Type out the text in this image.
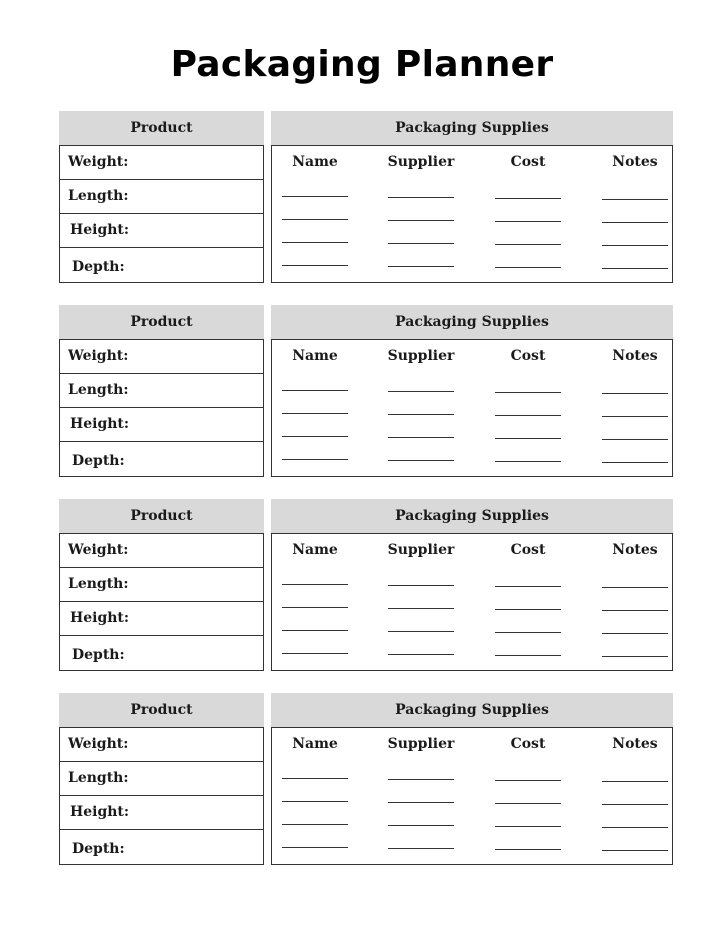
Packaging Planner
Product	Packaging Supplies
Weight:
Length:
Height:
Depth:
Name	Supplier	Cost	Notes
Product	Packaging Supplies
Weight:
Length:
Height:
Depth:
Name	Supplier	Cost	Notes
Product	Packaging Supplies
Weight:
Length:
Height:
Depth:
Name	Supplier	Cost	Notes
Product	Packaging Supplies
Weight:
Length:
Height:
Depth:
Name	Supplier	Cost	Notes
